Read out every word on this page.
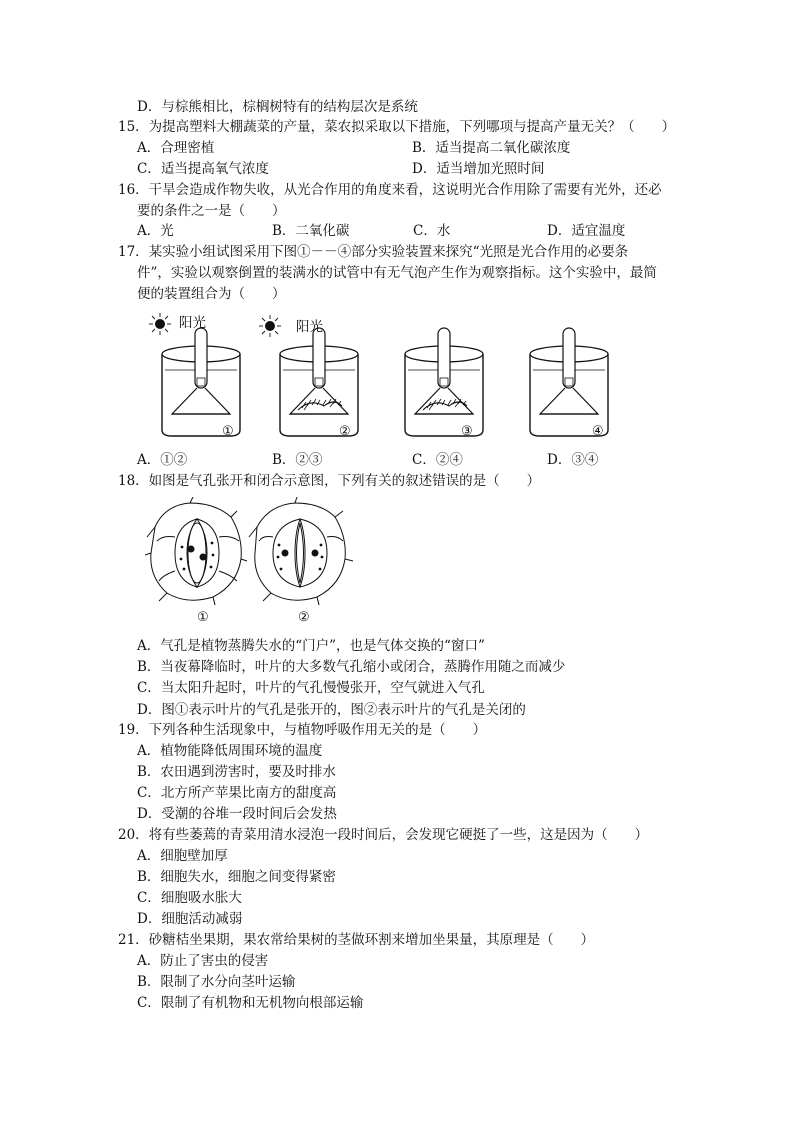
D．与棕熊相比，棕榈树特有的结构层次是系统
15．为提高塑料大棚蔬菜的产量，菜农拟采取以下措施，下列哪项与提高产量无关？（　　）
A．合理密植	B．适当提高二氧化碳浓度
C．适当提高氧气浓度	D．适当增加光照时间
16．干旱会造成作物失收，从光合作用的角度来看，这说明光合作用除了需要有光外，还必
要的条件之一是（　　）
A．光	B．二氧化碳	C．水	D．适宜温度
17．某实验小组试图采用下图①－－④部分实验装置来探究“光照是光合作用的必要条
件”，实验以观察倒置的装满水的试管中有无气泡产生作为观察指标。这个实验中，最简
便的装置组合为（　　）
阳光	阳光
①	②	③	④
A．①②	B．②③	C．②④	D．③④
18．如图是气孔张开和闭合示意图，下列有关的叙述错误的是（　　）
①	②
A．气孔是植物蒸腾失水的“门户”，也是气体交换的“窗口”
B．当夜幕降临时，叶片的大多数气孔缩小或闭合，蒸腾作用随之而减少
C．当太阳升起时，叶片的气孔慢慢张开，空气就进入气孔
D．图①表示叶片的气孔是张开的，图②表示叶片的气孔是关闭的
19．下列各种生活现象中，与植物呼吸作用无关的是（　　）
A．植物能降低周围环境的温度
B．农田遇到涝害时，要及时排水
C．北方所产苹果比南方的甜度高
D．受潮的谷堆一段时间后会发热
20．将有些萎蔫的青菜用清水浸泡一段时间后，会发现它硬挺了一些，这是因为（　　）
A．细胞壁加厚
B．细胞失水，细胞之间变得紧密
C．细胞吸水胀大
D．细胞活动减弱
21．砂糖桔坐果期，果农常给果树的茎做环割来增加坐果量，其原理是（　　）
A．防止了害虫的侵害
B．限制了水分向茎叶运输
C．限制了有机物和无机物向根部运输
